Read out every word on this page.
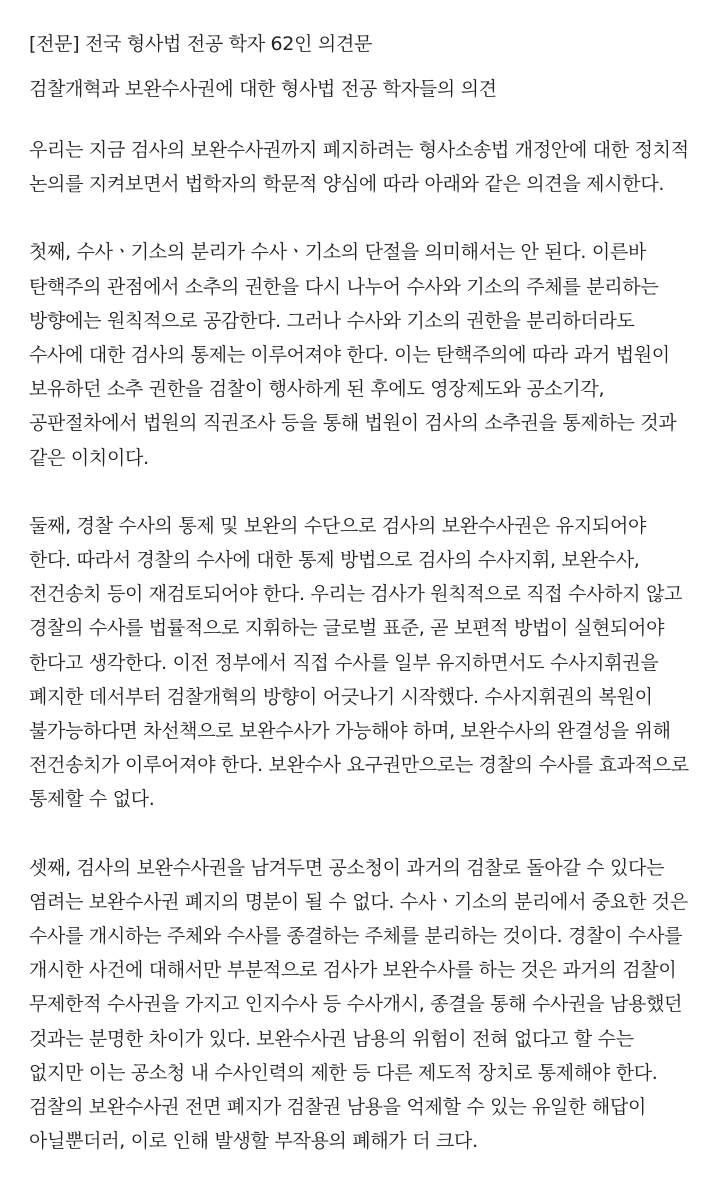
[전문] 전국 형사법 전공 학자 62인 의견문
검찰개혁과 보완수사권에 대한 형사법 전공 학자들의 의견

우리는 지금 검사의 보완수사권까지 폐지하려는 형사소송법 개정안에 대한 정치적 논의를 지켜보면서 법학자의 학문적 양심에 따라 아래와 같은 의견을 제시한다.

첫째, 수사ㆍ기소의 분리가 수사ㆍ기소의 단절을 의미해서는 안 된다. 이른바 탄핵주의 관점에서 소추의 권한을 다시 나누어 수사와 기소의 주체를 분리하는 방향에는 원칙적으로 공감한다. 그러나 수사와 기소의 권한을 분리하더라도 수사에 대한 검사의 통제는 이루어져야 한다. 이는 탄핵주의에 따라 과거 법원이 보유하던 소추 권한을 검찰이 행사하게 된 후에도 영장제도와 공소기각, 공판절차에서 법원의 직권조사 등을 통해 법원이 검사의 소추권을 통제하는 것과 같은 이치이다.

둘째, 경찰 수사의 통제 및 보완의 수단으로 검사의 보완수사권은 유지되어야 한다. 따라서 경찰의 수사에 대한 통제 방법으로 검사의 수사지휘, 보완수사, 전건송치 등이 재검토되어야 한다. 우리는 검사가 원칙적으로 직접 수사하지 않고 경찰의 수사를 법률적으로 지휘하는 글로벌 표준, 곧 보편적 방법이 실현되어야 한다고 생각한다. 이전 정부에서 직접 수사를 일부 유지하면서도 수사지휘권을 폐지한 데서부터 검찰개혁의 방향이 어긋나기 시작했다. 수사지휘권의 복원이 불가능하다면 차선책으로 보완수사가 가능해야 하며, 보완수사의 완결성을 위해 전건송치가 이루어져야 한다. 보완수사 요구권만으로는 경찰의 수사를 효과적으로 통제할 수 없다.

셋째, 검사의 보완수사권을 남겨두면 공소청이 과거의 검찰로 돌아갈 수 있다는 염려는 보완수사권 폐지의 명분이 될 수 없다. 수사ㆍ기소의 분리에서 중요한 것은 수사를 개시하는 주체와 수사를 종결하는 주체를 분리하는 것이다. 경찰이 수사를 개시한 사건에 대해서만 부분적으로 검사가 보완수사를 하는 것은 과거의 검찰이 무제한적 수사권을 가지고 인지수사 등 수사개시, 종결을 통해 수사권을 남용했던 것과는 분명한 차이가 있다. 보완수사권 남용의 위험이 전혀 없다고 할 수는 없지만 이는 공소청 내 수사인력의 제한 등 다른 제도적 장치로 통제해야 한다. 검찰의 보완수사권 전면 폐지가 검찰권 남용을 억제할 수 있는 유일한 해답이 아닐뿐더러, 이로 인해 발생할 부작용의 폐해가 더 크다.
